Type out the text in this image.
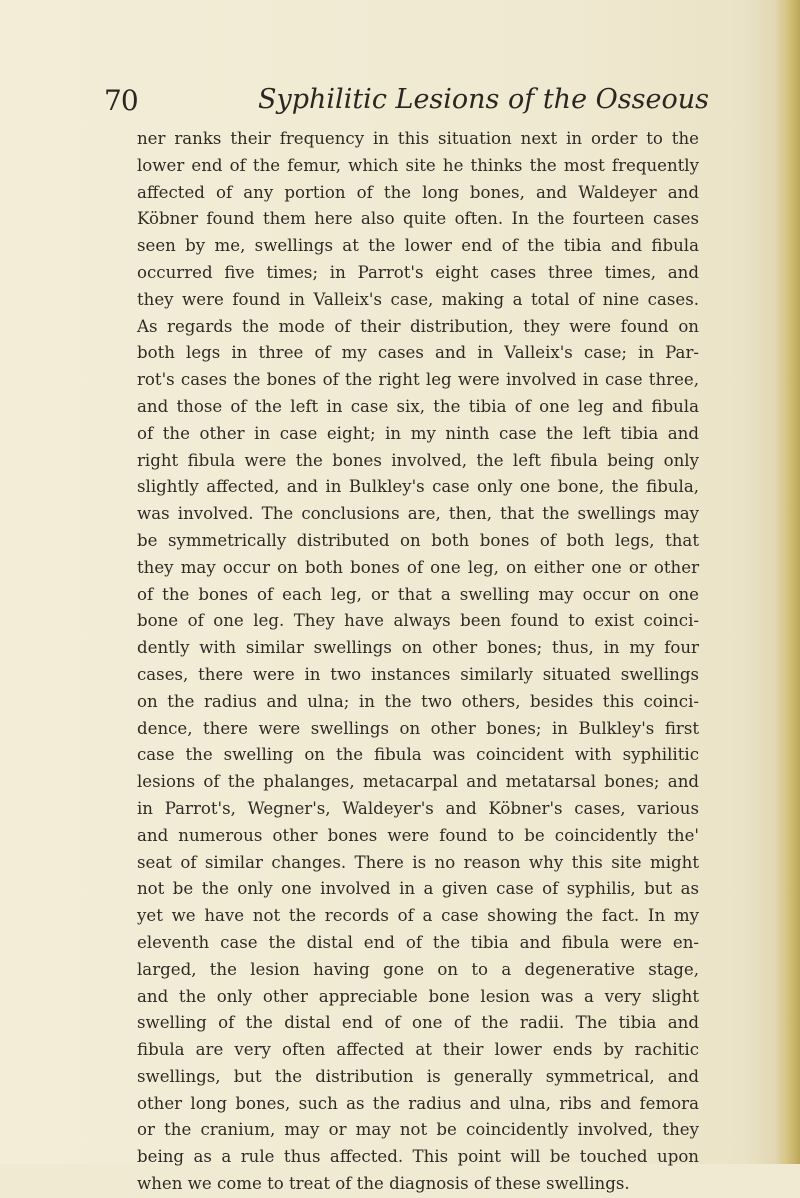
70	Syphilitic Lesions of the Osseous
ner ranks their frequency in this situation next in order to the
lower end of the femur, which site he thinks the most frequently
affected of any portion of the long bones, and Waldeyer and
Köbner found them here also quite often. In the fourteen cases
seen by me, swellings at the lower end of the tibia and fibula
occurred five times; in Parrot's eight cases three times, and
they were found in Valleix's case, making a total of nine cases.
As regards the mode of their distribution, they were found on
both legs in three of my cases and in Valleix's case; in Par-
rot's cases the bones of the right leg were involved in case three,
and those of the left in case six, the tibia of one leg and fibula
of the other in case eight; in my ninth case the left tibia and
right fibula were the bones involved, the left fibula being only
slightly affected, and in Bulkley's case only one bone, the fibula,
was involved. The conclusions are, then, that the swellings may
be symmetrically distributed on both bones of both legs, that
they may occur on both bones of one leg, on either one or other
of the bones of each leg, or that a swelling may occur on one
bone of one leg. They have always been found to exist coinci-
dently with similar swellings on other bones; thus, in my four
cases, there were in two instances similarly situated swellings
on the radius and ulna; in the two others, besides this coinci-
dence, there were swellings on other bones; in Bulkley's first
case the swelling on the fibula was coincident with syphilitic
lesions of the phalanges, metacarpal and metatarsal bones; and
in Parrot's, Wegner's, Waldeyer's and Köbner's cases, various
and numerous other bones were found to be coincidently the'
seat of similar changes. There is no reason why this site might
not be the only one involved in a given case of syphilis, but as
yet we have not the records of a case showing the fact. In my
eleventh case the distal end of the tibia and fibula were en-
larged, the lesion having gone on to a degenerative stage,
and the only other appreciable bone lesion was a very slight
swelling of the distal end of one of the radii. The tibia and
fibula are very often affected at their lower ends by rachitic
swellings, but the distribution is generally symmetrical, and
other long bones, such as the radius and ulna, ribs and femora
or the cranium, may or may not be coincidently involved, they
being as a rule thus affected. This point will be touched upon
when we come to treat of the diagnosis of these swellings.
